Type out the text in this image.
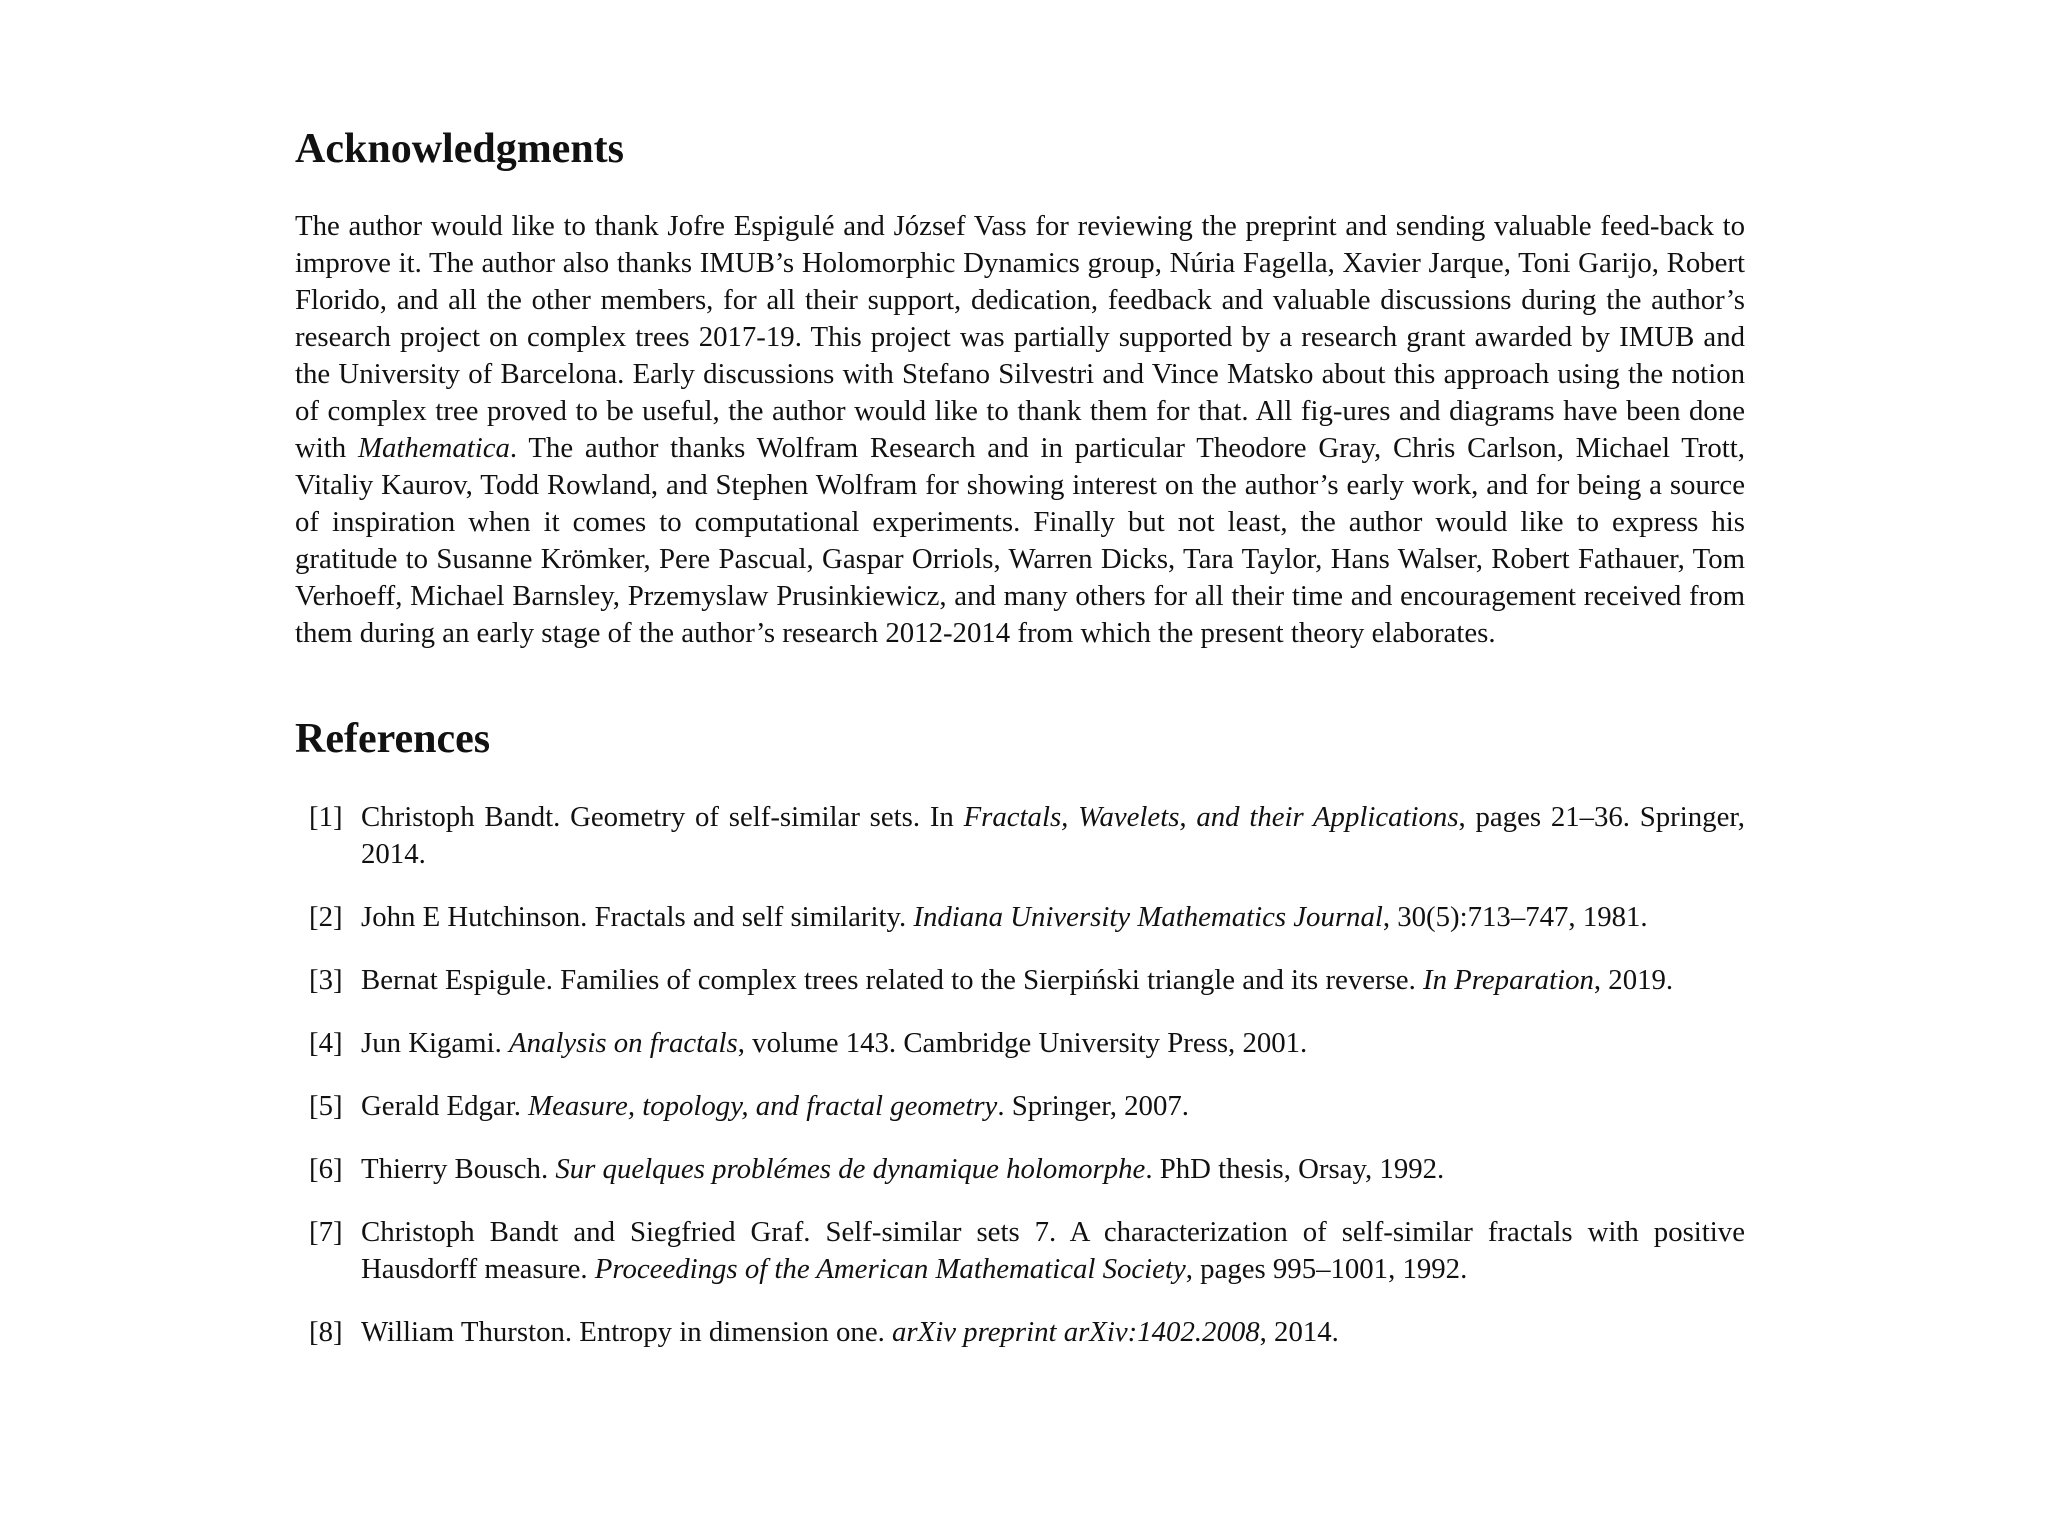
Acknowledgments

The author would like to thank Jofre Espigulé and József Vass for reviewing the preprint and sending valuable feed-back to improve it. The author also thanks IMUB’s Holomorphic Dynamics group, Núria Fagella, Xavier Jarque, Toni Garijo, Robert Florido, and all the other members, for all their support, dedication, feedback and valuable discussions during the author’s research project on complex trees 2017-19. This project was partially supported by a research grant awarded by IMUB and the University of Barcelona. Early discussions with Stefano Silvestri and Vince Matsko about this approach using the notion of complex tree proved to be useful, the author would like to thank them for that. All fig-ures and diagrams have been done with Mathematica. The author thanks Wolfram Research and in particular Theodore Gray, Chris Carlson, Michael Trott, Vitaliy Kaurov, Todd Rowland, and Stephen Wolfram for showing interest on the author’s early work, and for being a source of inspiration when it comes to computational experiments. Finally but not least, the author would like to express his gratitude to Susanne Krömker, Pere Pascual, Gaspar Orriols, Warren Dicks, Tara Taylor, Hans Walser, Robert Fathauer, Tom Verhoeff, Michael Barnsley, Przemyslaw Prusinkiewicz, and many others for all their time and encouragement received from them during an early stage of the author’s research 2012-2014 from which the present theory elaborates.

References
[1] Christoph Bandt. Geometry of self-similar sets. In Fractals, Wavelets, and their Applications, pages 21–36. Springer, 2014.
[2] John E Hutchinson. Fractals and self similarity. Indiana University Mathematics Journal, 30(5):713–747, 1981.
[3] Bernat Espigule. Families of complex trees related to the Sierpiński triangle and its reverse. In Preparation, 2019.
[4] Jun Kigami. Analysis on fractals, volume 143. Cambridge University Press, 2001.
[5] Gerald Edgar. Measure, topology, and fractal geometry. Springer, 2007.
[6] Thierry Bousch. Sur quelques problémes de dynamique holomorphe. PhD thesis, Orsay, 1992.
[7] Christoph Bandt and Siegfried Graf. Self-similar sets 7. A characterization of self-similar fractals with positive Hausdorff measure. Proceedings of the American Mathematical Society, pages 995–1001, 1992.
[8] William Thurston. Entropy in dimension one. arXiv preprint arXiv:1402.2008, 2014.
